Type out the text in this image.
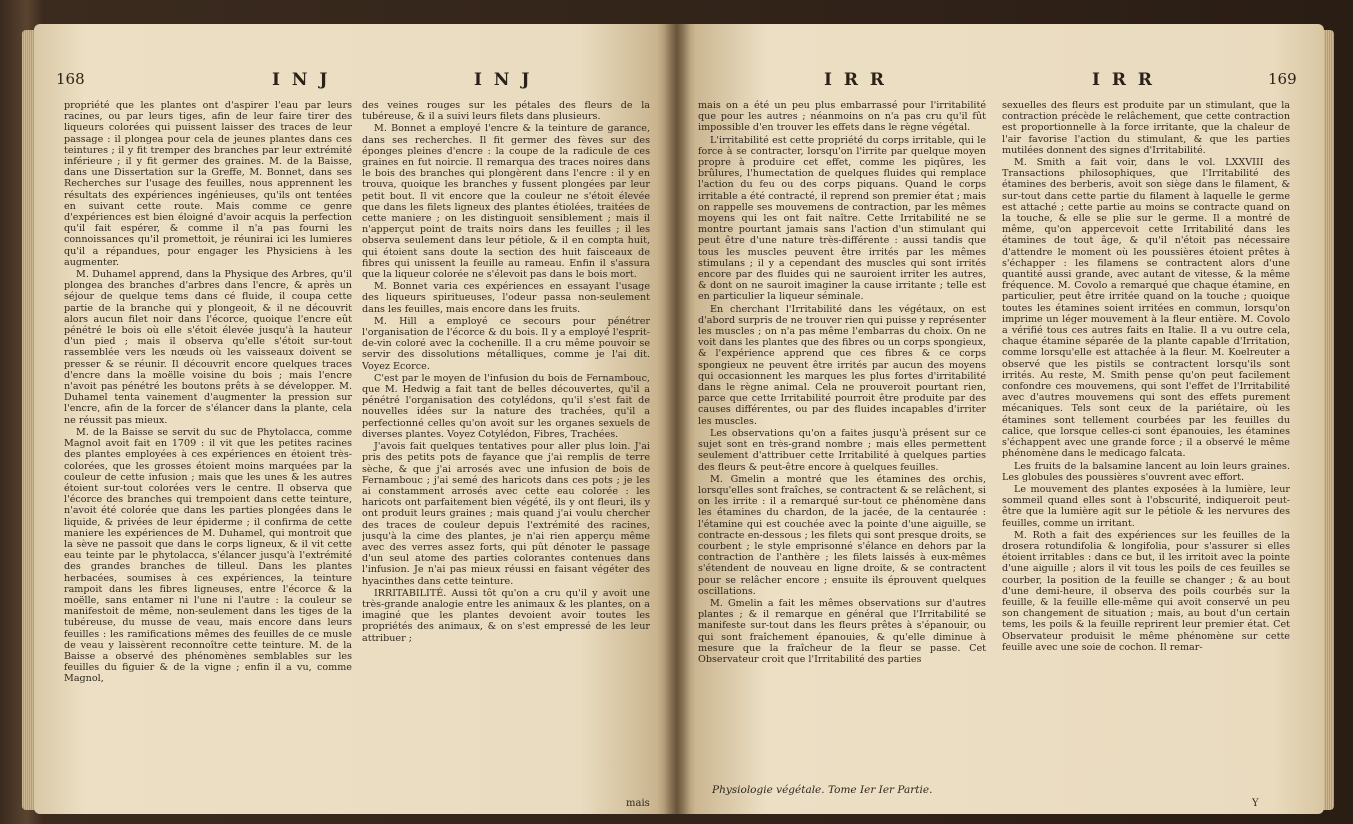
168	I N J	I N J

propriété que les plantes ont d'aspirer l'eau par leurs racines, ou par leurs tiges, afin de leur faire tirer des liqueurs colorées qui puissent laisser des traces de leur passage : il plongea pour cela de jeunes plantes dans ces teintures ; il y fit tremper des branches par leur extrémité inférieure ; il y fit germer des graines. M. de la Baisse, dans une Dissertation sur la Greffe, M. Bonnet, dans ses Recherches sur l'usage des feuilles, nous apprennent les résultats des expériences ingénieuses, qu'ils ont tentées en suivant cette route. Mais comme ce genre d'expériences est bien éloigné d'avoir acquis la perfection qu'il fait espérer, & comme il n'a pas fourni les connoissances qu'il promettoit, je réunirai ici les lumieres qu'il a répandues, pour engager les Physiciens à les augmenter.

M. Duhamel apprend, dans la Physique des Arbres, qu'il plongea des branches d'arbres dans l'encre, & après un séjour de quelque tems dans cé fluide, il coupa cette partie de la branche qui y plongeoit, & il ne découvrit alors aucun filet noir dans l'écorce, quoique l'encre eût pénétré le bois où elle s'étoit élevée jusqu'à la hauteur d'un pied ; mais il observa qu'elle s'étoit sur-tout rassemblée vers les nœuds où les vaisseaux doivent se presser & se réunir. Il découvrit encore quelques traces d'encre dans la moëlle voisine du bois ; mais l'encre n'avoit pas pénétré les boutons prêts à se développer. M. Duhamel tenta vainement d'augmenter la pression sur l'encre, afin de la forcer de s'élancer dans la plante, cela ne réussit pas mieux.

M. de la Baisse se servit du suc de Phytolacca, comme Magnol avoit fait en 1709 : il vit que les petites racines des plantes employées à ces expériences en étoient très-colorées, que les grosses étoient moins marquées par la couleur de cette infusion ; mais que les unes & les autres étoient sur-tout colorées vers le centre. Il observa que l'écorce des branches qui trempoient dans cette teinture, n'avoit été colorée que dans les parties plongées dans le liquide, & privées de leur épiderme ; il confirma de cette maniere les expériences de M. Duhamel, qui montroit que la sève ne passoit que dans le corps ligneux, & il vit cette eau teinte par le phytolacca, s'élancer jusqu'à l'extrémité des grandes branches de tilleul. Dans les plantes herbacées, soumises à ces expériences, la teinture rampoit dans les fibres ligneuses, entre l'écorce & la moëlle, sans entamer ni l'une ni l'autre : la couleur se manifestoit de même, non-seulement dans les tiges de la tubéreuse, du musse de veau, mais encore dans leurs feuilles : les ramifications mêmes des feuilles de ce musle de veau y laissèrent reconnoître cette teinture. M. de la Baisse a observé des phénomènes semblables sur les feuilles du figuier & de la vigne ; enfin il a vu, comme Magnol,

des veines rouges sur les pétales des fleurs de la tubéreuse, & il a suivi leurs filets dans plusieurs.

M. Bonnet a employé l'encre & la teinture de garance, dans ses recherches. Il fit germer des fèves sur des éponges pleines d'encre : la coupe de la radicule de ces graines en fut noircie. Il remarqua des traces noires dans le bois des branches qui plongèrent dans l'encre : il y en trouva, quoique les branches y fussent plongées par leur petit bout. Il vit encore que la couleur ne s'étoit élevée que dans les filets ligneux des plantes étiolées, traitées de cette maniere ; on les distinguoit sensiblement ; mais il n'apperçut point de traits noirs dans les feuilles ; il les observa seulement dans leur pétiole, & il en compta huit, qui étoient sans doute la section des huit faisceaux de fibres qui unissent la feuille au rameau. Enfin il s'assura que la liqueur colorée ne s'élevoit pas dans le bois mort.

M. Bonnet varia ces expériences en essayant l'usage des liqueurs spiritueuses, l'odeur passa non-seulement dans les feuilles, mais encore dans les fruits.

M. Hill a employé ce secours pour pénétrer l'organisation de l'écorce & du bois. Il y a employé l'esprit-de-vin coloré avec la cochenille. Il a cru même pouvoir se servir des dissolutions métalliques, comme je l'ai dit. Voyez Ecorce.

C'est par le moyen de l'infusion du bois de Fernambouc, que M. Hedwig a fait tant de belles découvertes, qu'il a pénétré l'organisation des cotylédons, qu'il s'est fait de nouvelles idées sur la nature des trachées, qu'il a perfectionné celles qu'on avoit sur les organes sexuels de diverses plantes. Voyez Cotylédon, Fibres, Trachées.

J'avois fait quelques tentatives pour aller plus loin. J'ai pris des petits pots de fayance que j'ai remplis de terre sèche, & que j'ai arrosés avec une infusion de bois de Fernambouc ; j'ai semé des haricots dans ces pots ; je les ai constamment arrosés avec cette eau colorée : les haricots ont parfaitement bien végété, ils y ont fleuri, ils y ont produit leurs graines ; mais quand j'ai voulu chercher des traces de couleur depuis l'extrémité des racines, jusqu'à la cime des plantes, je n'ai rien apperçu même avec des verres assez forts, qui pût dénoter le passage d'un seul atome des parties colorantes contenues dans l'infusion. Je n'ai pas mieux réussi en faisant végéter des hyacinthes dans cette teinture.

IRRITABILITÉ. Aussi tôt qu'on a cru qu'il y avoit une très-grande analogie entre les animaux & les plantes, on a imaginé que les plantes devoient avoir toutes les propriétés des animaux, & on s'est empressé de les leur attribuer ;

mais
I R R	I R R	169

mais on a été un peu plus embarrassé pour l'irritabilité que pour les autres ; néanmoins on n'a pas cru qu'il fût impossible d'en trouver les effets dans le règne végétal.

L'irritabilité est cette propriété du corps irritable, qui le force à se contracter, lorsqu'on l'irrite par quelque moyen propre à produire cet effet, comme les piqûres, les brûlures, l'humectation de quelques fluides qui remplace l'action du feu ou des corps piquans. Quand le corps irritable a été contracté, il reprend son premier état ; mais on rappelle ses mouvemens de contraction, par les mêmes moyens qui les ont fait naître. Cette Irritabilité ne se montre pourtant jamais sans l'action d'un stimulant qui peut être d'une nature très-différente : aussi tandis que tous les muscles peuvent être irrités par les mêmes stimulans ; il y a cependant des muscles qui sont irrités encore par des fluides qui ne sauroient irriter les autres, & dont on ne sauroit imaginer la cause irritante ; telle est en particulier la liqueur séminale.

En cherchant l'Irritabilité dans les végétaux, on est d'abord surpris de ne trouver rien qui puisse y représenter les muscles ; on n'a pas même l'embarras du choix. On ne voit dans les plantes que des fibres ou un corps spongieux, & l'expérience apprend que ces fibres & ce corps spongieux ne peuvent être irrités par aucun des moyens qui occasionnent les marques les plus fortes d'irritabilité dans le règne animal. Cela ne prouveroit pourtant rien, parce que cette Irritabilité pourroit être produite par des causes différentes, ou par des fluides incapables d'irriter les muscles.

Les observations qu'on a faites jusqu'à présent sur ce sujet sont en très-grand nombre ; mais elles permettent seulement d'attribuer cette Irritabilité à quelques parties des fleurs & peut-être encore à quelques feuilles.

M. Gmelin a montré que les étamines des orchis, lorsqu'elles sont fraîches, se contractent & se relâchent, si on les irrite : il a remarqué sur-tout ce phénomène dans les étamines du chardon, de la jacée, de la centaurée : l'étamine qui est couchée avec la pointe d'une aiguille, se contracte en-dessous ; les filets qui sont presque droits, se courbent ; le style emprisonné s'élance en dehors par la contraction de l'anthère ; les filets laissés à eux-mêmes s'étendent de nouveau en ligne droite, & se contractent pour se relâcher encore ; ensuite ils éprouvent quelques oscillations.

M. Gmelin a fait les mêmes observations sur d'autres plantes ; & il remarque en général que l'Irritabilité se manifeste sur-tout dans les fleurs prêtes à s'épanouir, ou qui sont fraîchement épanouies, & qu'elle diminue à mesure que la fraîcheur de la fleur se passe. Cet Observateur croit que l'Irritabilité des parties

sexuelles des fleurs est produite par un stimulant, que la contraction précède le relâchement, que cette contraction est proportionnelle à la force irritante, que la chaleur de l'air favorise l'action du stimulant, & que les parties mutilées donnent des signes d'Irritabilité.

M. Smith a fait voir, dans le vol. LXXVIII des Transactions philosophiques, que l'Irritabilité des étamines des berberis, avoit son siège dans le filament, & sur-tout dans cette partie du filament à laquelle le germe est attaché ; cette partie au moins se contracte quand on la touche, & elle se plie sur le germe. Il a montré de même, qu'on appercevoit cette Irritabilité dans les étamines de tout âge, & qu'il n'étoit pas nécessaire d'attendre le moment où les poussières étoient prêtes à s'échapper : les filamens se contractent alors d'une quantité aussi grande, avec autant de vitesse, & la même fréquence. M. Covolo a remarqué que chaque étamine, en particulier, peut être irritée quand on la touche ; quoique toutes les étamines soient irritées en commun, lorsqu'on imprime un léger mouvement à la fleur entière. M. Covolo a vérifié tous ces autres faits en Italie. Il a vu outre cela, chaque étamine séparée de la plante capable d'Irritation, comme lorsqu'elle est attachée à la fleur. M. Koelreuter a observé que les pistils se contractent lorsqu'ils sont irrités. Au reste, M. Smith pense qu'on peut facilement confondre ces mouvemens, qui sont l'effet de l'Irritabilité avec d'autres mouvemens qui sont des effets purement mécaniques. Tels sont ceux de la pariétaire, où les étamines sont tellement courbées par les feuilles du calice, que lorsque celles-ci sont épanouies, les étamines s'échappent avec une grande force ; il a observé le même phénomène dans le medicago falcata.

Les fruits de la balsamine lancent au loin leurs graines. Les globules des poussières s'ouvrent avec effort.

Le mouvement des plantes exposées à la lumière, leur sommeil quand elles sont à l'obscurité, indiqueroit peut-être que la lumière agit sur le pétiole & les nervures des feuilles, comme un irritant.

M. Roth a fait des expériences sur les feuilles de la drosera rotundifolia & longifolia, pour s'assurer si elles étoient irritables : dans ce but, il les irritoit avec la pointe d'une aiguille ; alors il vit tous les poils de ces feuilles se courber, la position de la feuille se changer ; & au bout d'une demi-heure, il observa des poils courbés sur la feuille, & la feuille elle-même qui avoit conservé un peu son changement de situation ; mais, au bout d'un certain tems, les poils & la feuille reprirent leur premier état. Cet Observateur produisit le même phénomène sur cette feuille avec une soie de cochon. Il remar-

Physiologie végétale. Tome Ier Ier Partie.
Y
